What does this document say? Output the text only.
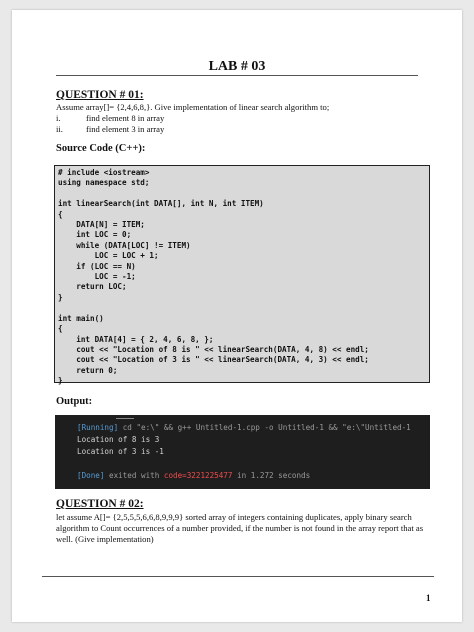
LAB # 03
QUESTION # 01:
Assume array[]= {2,4,6,8,}. Give implementation of linear search algorithm to;
i.	find element 8 in array
ii.	find element 3 in array
Source Code (C++):
# include <iostream>
using namespace std;

int linearSearch(int DATA[], int N, int ITEM)
{
DATA[N] = ITEM;
int LOC = 0;
while (DATA[LOC] != ITEM)
LOC = LOC + 1;
if (LOC == N)
LOC = -1;
return LOC;
}

int main()
{
int DATA[4] = { 2, 4, 6, 8, };
cout << "Location of 8 is " << linearSearch(DATA, 4, 8) << endl;
cout << "Location of 3 is " << linearSearch(DATA, 4, 3) << endl;
return 0;
}
Output:
[Running] cd "e:\" && g++ Untitled-1.cpp -o Untitled-1 && "e:\"Untitled-1
Location of 8 is 3
Location of 3 is -1
[Done] exited with code=3221225477 in 1.272 seconds
QUESTION # 02:
let assume A[]= {2,5,5,5,6,6,8,9,9,9} sorted array of integers containing duplicates, apply binary search algorithm to Count occurrences of a number provided, if the number is not found in the array report that as well. (Give implementation)
1
